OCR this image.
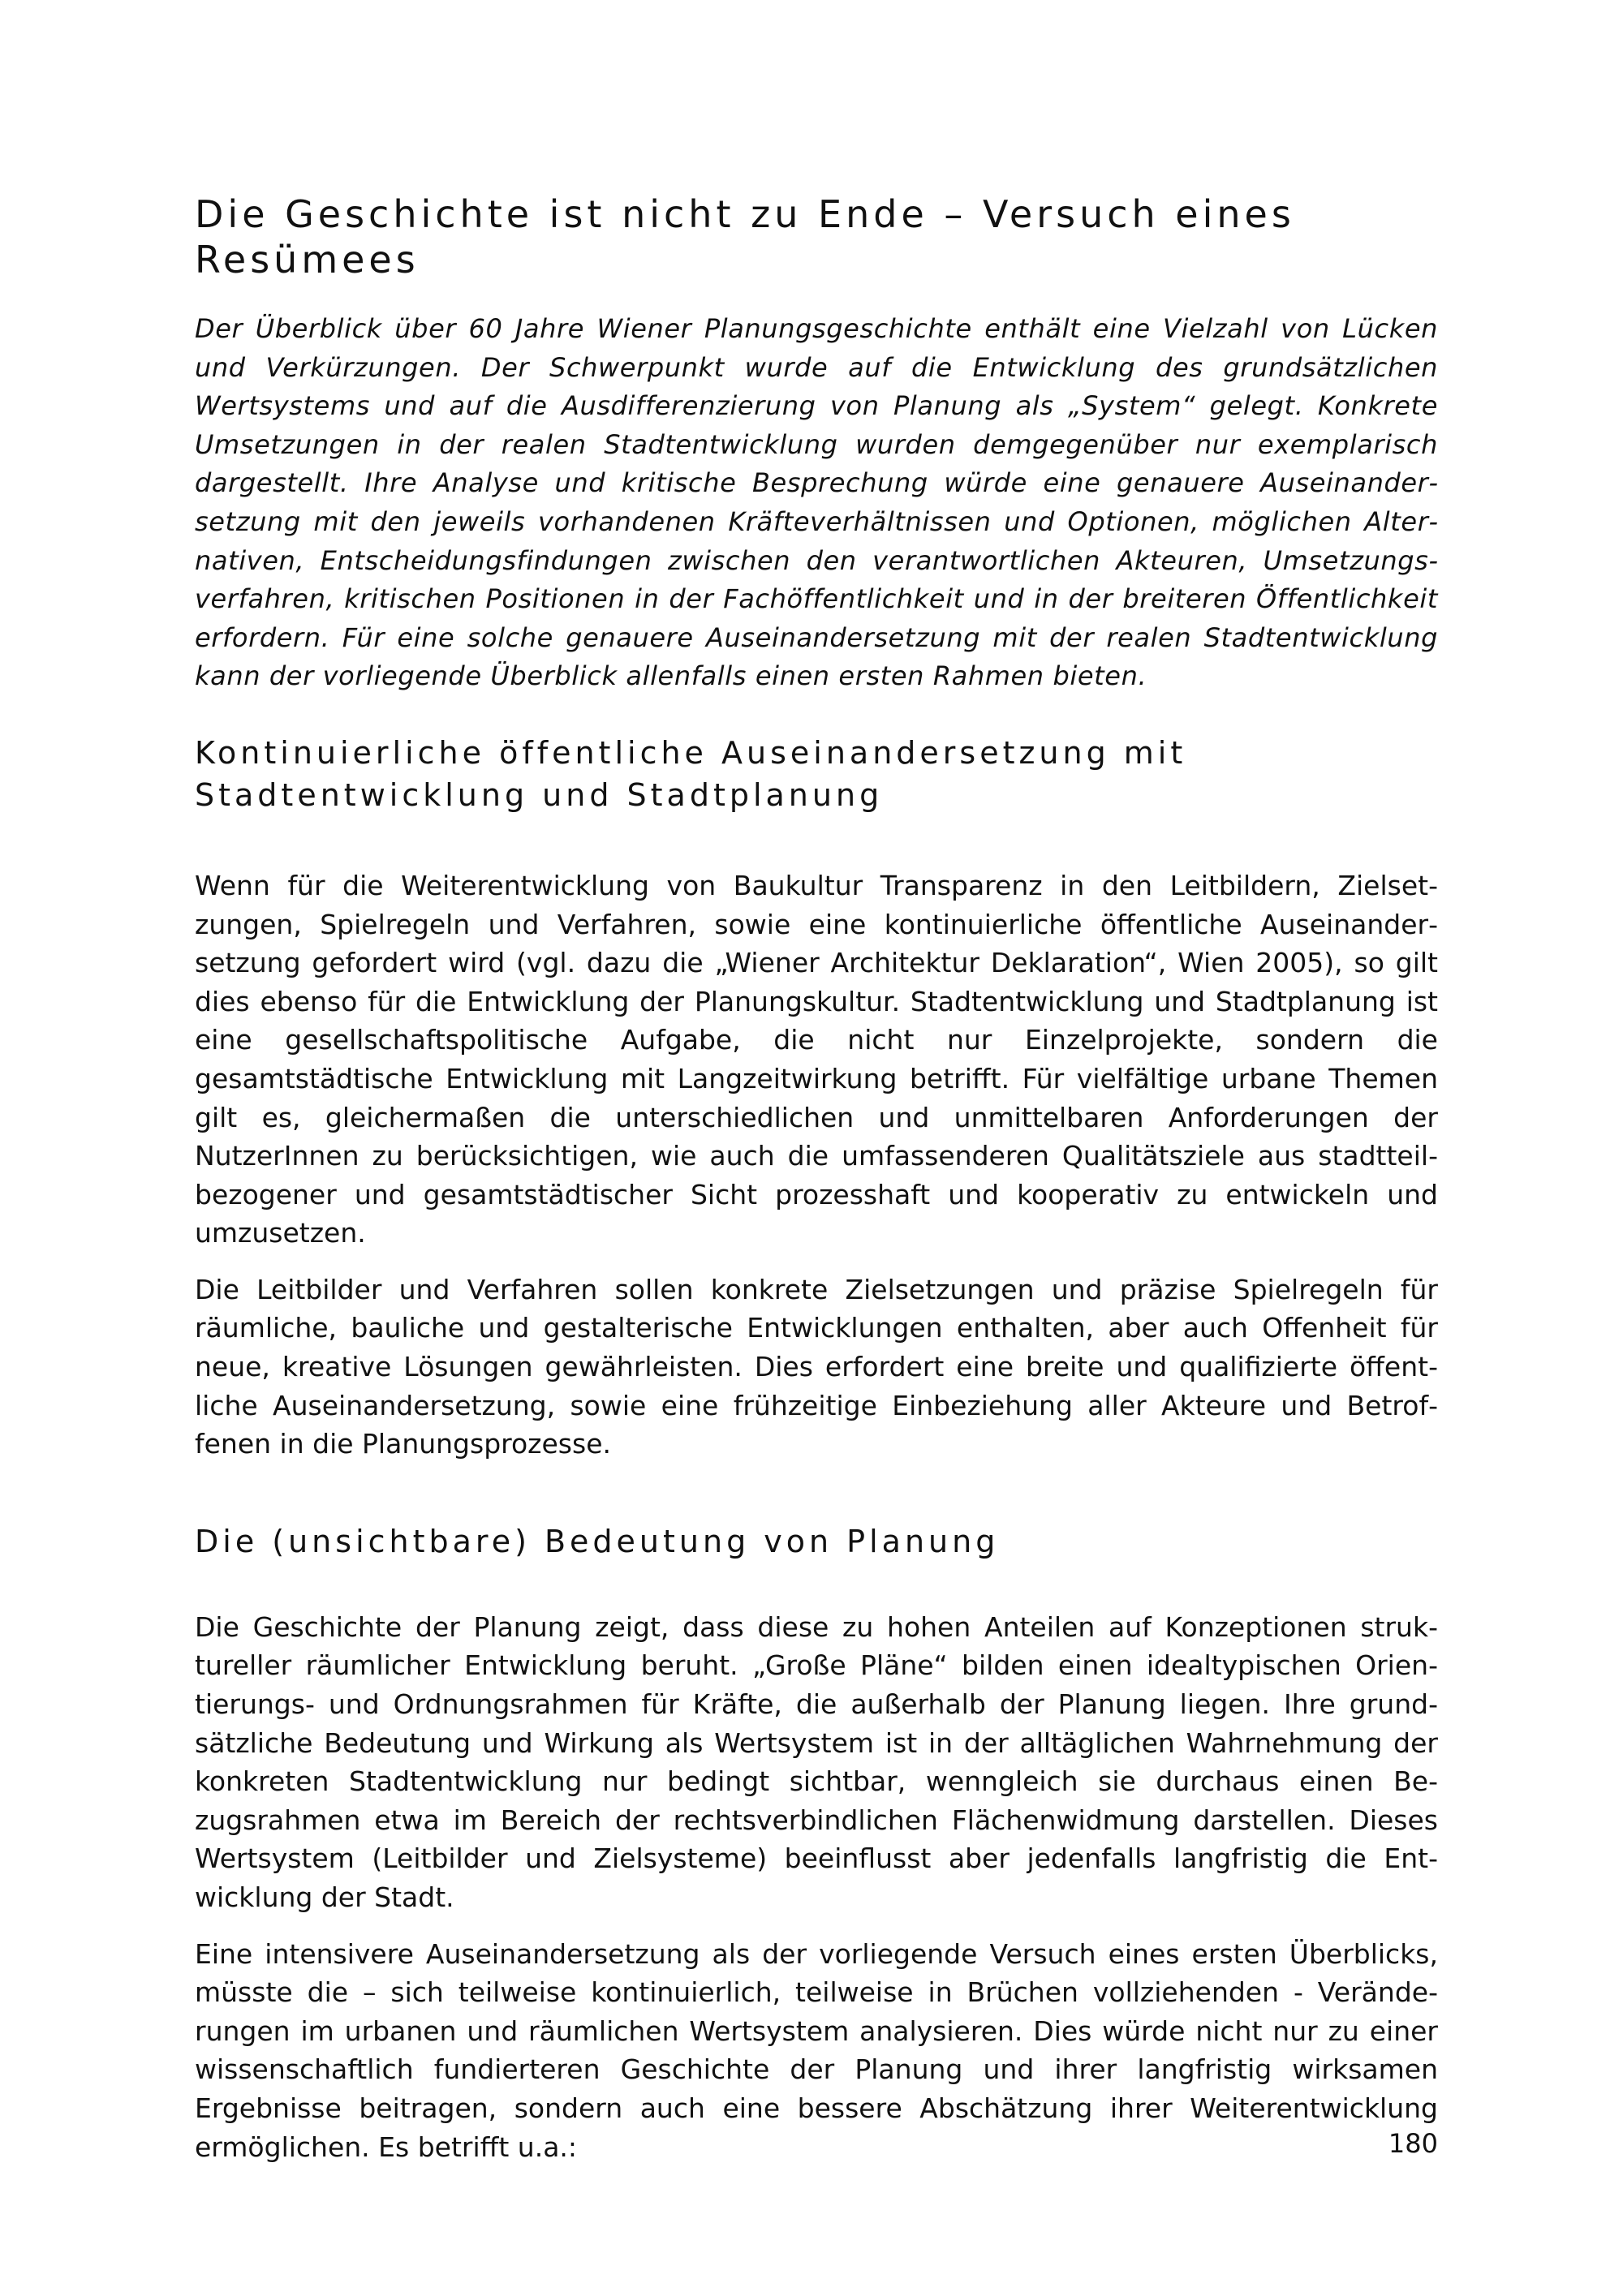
Die Geschichte ist nicht zu Ende – Versuch eines Resümees

Der Überblick über 60 Jahre Wiener Planungsgeschichte enthält eine Vielzahl von Lücken und Verkürzungen. Der Schwerpunkt wurde auf die Entwicklung des grundsätzlichen Wertsystems und auf die Ausdifferenzierung von Planung als „System“ gelegt. Konkrete Umsetzungen in der realen Stadtentwicklung wurden demgegenüber nur exemplarisch dargestellt. Ihre Analyse und kritische Besprechung würde eine genauere Auseinandersetzung mit den jeweils vorhandenen Kräfteverhältnissen und Optionen, möglichen Alternativen, Entscheidungsfindungen zwischen den verantwortlichen Akteuren, Umsetzungsverfahren, kritischen Positionen in der Fachöffentlichkeit und in der breiteren Öffentlichkeit erfordern. Für eine solche genauere Auseinandersetzung mit der realen Stadtentwicklung kann der vorliegende Überblick allenfalls einen ersten Rahmen bieten.

Kontinuierliche öffentliche Auseinandersetzung mit Stadtentwicklung und Stadtplanung

Wenn für die Weiterentwicklung von Baukultur Transparenz in den Leitbildern, Zielsetzungen, Spielregeln und Verfahren, sowie eine kontinuierliche öffentliche Auseinandersetzung gefordert wird (vgl. dazu die „Wiener Architektur Deklaration“, Wien 2005), so gilt dies ebenso für die Entwicklung der Planungskultur. Stadtentwicklung und Stadtplanung ist eine gesellschaftspolitische Aufgabe, die nicht nur Einzelprojekte, sondern die gesamtstädtische Entwicklung mit Langzeitwirkung betrifft. Für vielfältige urbane Themen gilt es, gleichermaßen die unterschiedlichen und unmittelbaren Anforderungen der NutzerInnen zu berücksichtigen, wie auch die umfassenderen Qualitätsziele aus stadtteilbezogener und gesamtstädtischer Sicht prozesshaft und kooperativ zu entwickeln und umzusetzen.

Die Leitbilder und Verfahren sollen konkrete Zielsetzungen und präzise Spielregeln für räumliche, bauliche und gestalterische Entwicklungen enthalten, aber auch Offenheit für neue, kreative Lösungen gewährleisten. Dies erfordert eine breite und qualifizierte öffentliche Auseinandersetzung, sowie eine frühzeitige Einbeziehung aller Akteure und Betroffenen in die Planungsprozesse.

Die (unsichtbare) Bedeutung von Planung

Die Geschichte der Planung zeigt, dass diese zu hohen Anteilen auf Konzeptionen struktureller räumlicher Entwicklung beruht. „Große Pläne“ bilden einen idealtypischen Orientierungs- und Ordnungsrahmen für Kräfte, die außerhalb der Planung liegen. Ihre grundsätzliche Bedeutung und Wirkung als Wertsystem ist in der alltäglichen Wahrnehmung der konkreten Stadtentwicklung nur bedingt sichtbar, wenngleich sie durchaus einen Bezugsrahmen etwa im Bereich der rechtsverbindlichen Flächenwidmung darstellen. Dieses Wertsystem (Leitbilder und Zielsysteme) beeinflusst aber jedenfalls langfristig die Entwicklung der Stadt.

Eine intensivere Auseinandersetzung als der vorliegende Versuch eines ersten Überblicks, müsste die – sich teilweise kontinuierlich, teilweise in Brüchen vollziehenden - Veränderungen im urbanen und räumlichen Wertsystem analysieren. Dies würde nicht nur zu einer wissenschaftlich fundierteren Geschichte der Planung und ihrer langfristig wirksamen Ergebnisse beitragen, sondern auch eine bessere Abschätzung ihrer Weiterentwicklung ermöglichen. Es betrifft u.a.:	180
